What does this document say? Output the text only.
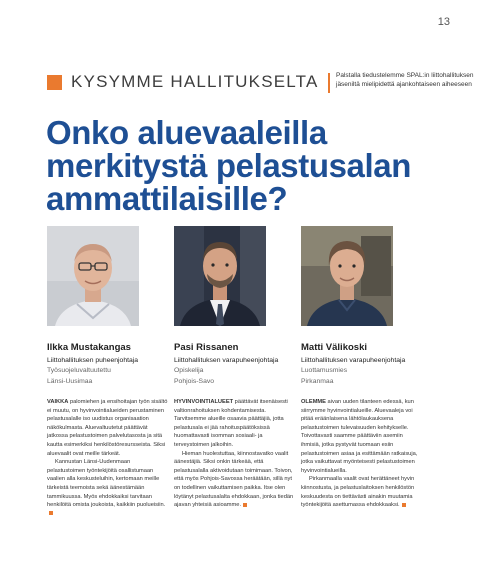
13
KYSYMME HALLITUKSELTA	Palstalla tiedustelemme SPAL:in liittohallituksen jäseniltä mielipidettä ajankohtaiseen aiheeseen
Onko aluevaaleilla
merkitystä pelastusalan
ammattilaisille?
Ilkka Mustakangas
Liittohallituksen puheenjohtaja
Työsuojeluvaltuutettu
Länsi-Uusimaa

VAIKKA palomiehen ja ensihoitajan työn sisältö ei muutu, on hyvinvointialueiden perustaminen pelastusalalle iso uudistus organisaation näkökulmasta. Aluevaltuutetut päättävät jatkossa pelastustoimen palvelutasosta ja sitä kautta esimerkiksi henkilöstöresursseista. Siksi aluevaalit ovat meille tärkeät.

Kannustan Länsi-Uudenmaan pelastustoimen työntekijöitä osallistumaan vaalien alla keskusteluihin, kertomaan meille tärkeistä teemoista sekä äänestämään tammikuussa. Myös ehdokkaiksi tarvitaan henkilöitä omista joukoista, kaikkiin puolueisiin.

Pasi Rissanen
Liittohallituksen varapuheenjohtaja
Opiskelija
Pohjois-Savo

HYVINVOINTIALUEET päättävät itsenäisesti valtionrahoituksen kohdentamisesta. Tarvitsemme alueille osaavia päättäjiä, jotta pelastusala ei jää rahoituspäätöksissä huomattavasti isomman sosiaali- ja terveystoimen jalkoihin.

Hieman huolestuttaa, kiinnostavatko vaalit äänestäjiä. Siksi onkin tärkeää, että pelastusalalla aktivoidutaan toimimaan. Toivon, että myös Pohjois-Savossa heräätään, sillä nyt on todellinen vaikuttamisen paikka. Itse olen löytänyt pelastusalalta ehdokkaan, jonka tiedän ajavan yhteisiä asioamme.

Matti Välikoski
Liittohallituksen varapuheenjohtaja
Luottamusmies
Pirkanmaa

OLEMME aivan uuden tilanteen edessä, kun siirrymme hyvinvointialueille. Aluevaaleja voi pitää eräänlaisena lähtölaukauksena pelastustoimen tulevaisuuden kehitykselle. Toivottavasti saamme päättäviin asemiin ihmisiä, jotka pystyvät tuomaan esiin pelastustoimen asiaa ja esittämään ratkaisuja, jotka vaikuttavat myönteisesti pelastustoimen hyvinvointialueilla.

Pirkanmaalla vaalit ovat herättäneet hyvin kiinnostusta, ja pelastuslaitoksen henkilöstön keskuudesta on tiettävästi ainakin muutamia työntekijöitä asettumassa ehdokkaaksi.
